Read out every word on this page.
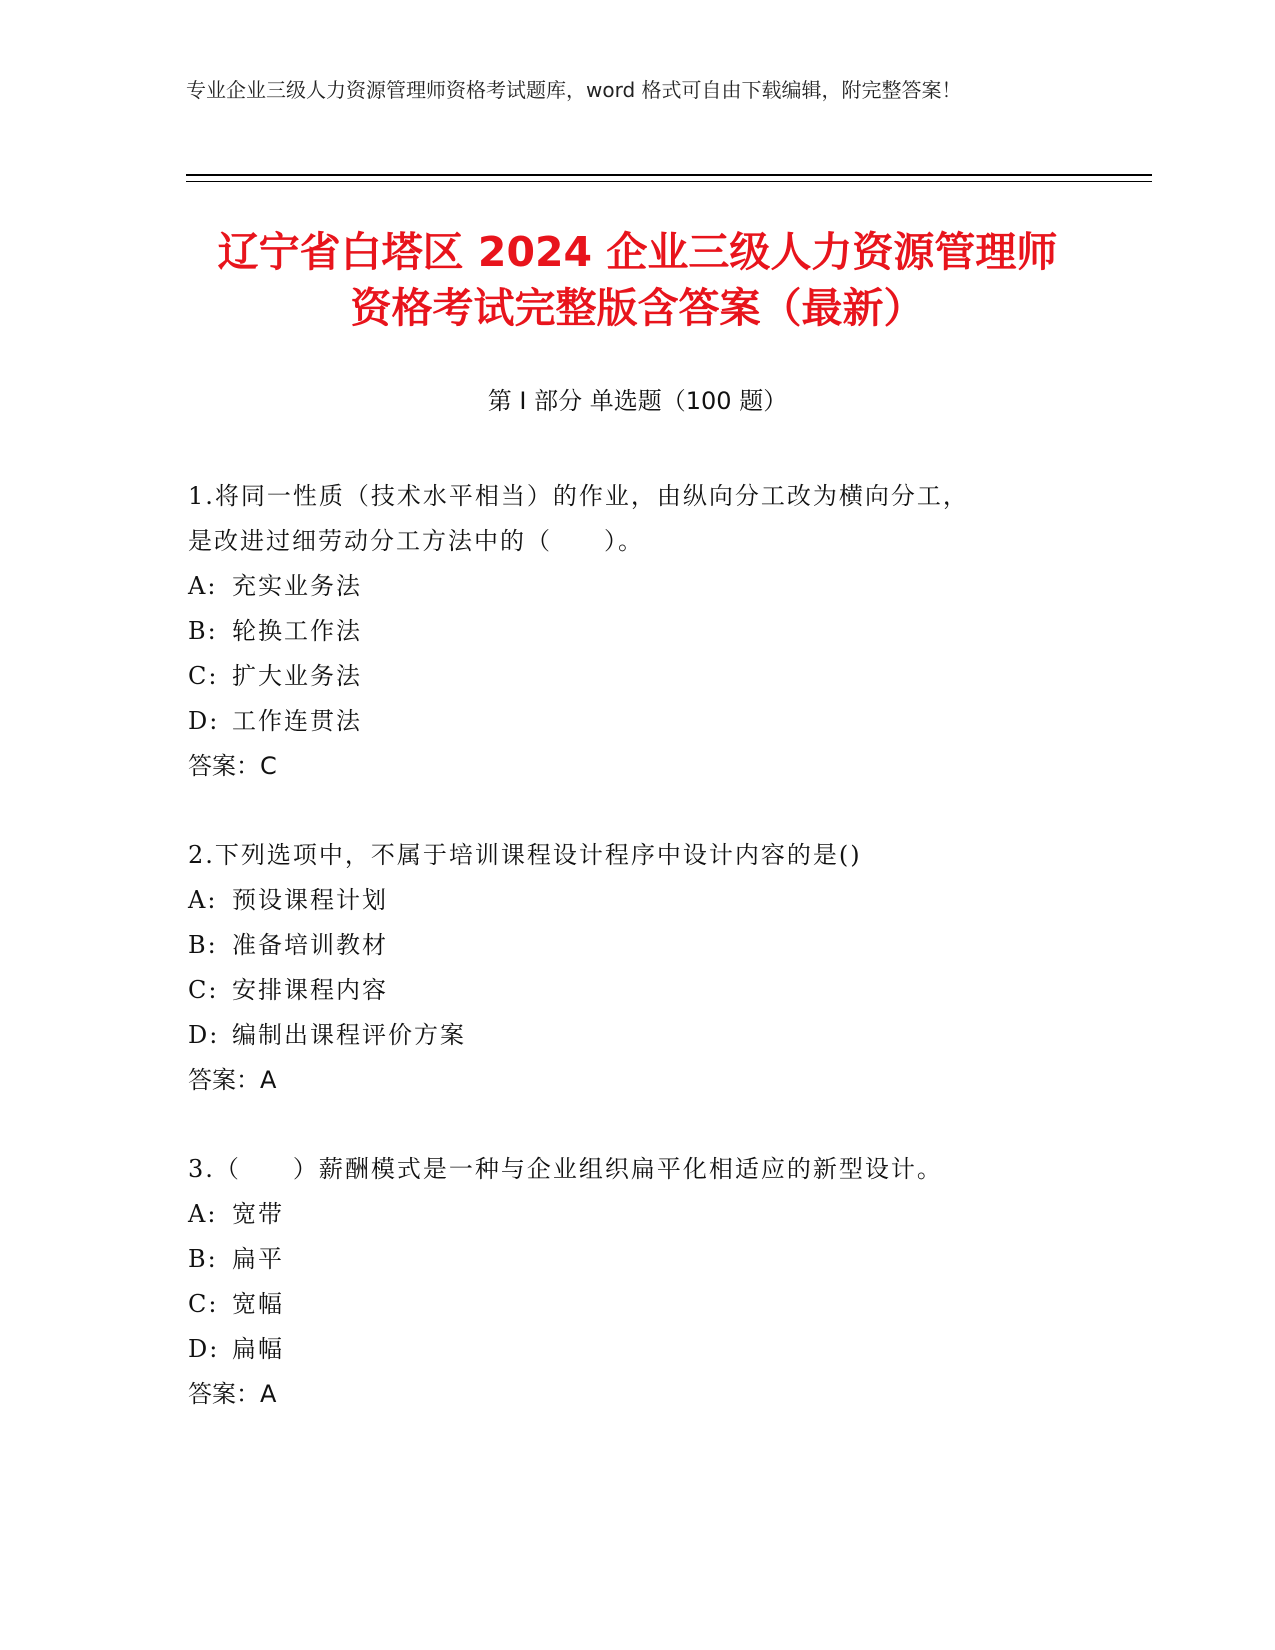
专业企业三级人力资源管理师资格考试题库，word 格式可自由下载编辑，附完整答案！
辽宁省白塔区 2024 企业三级人力资源管理师
资格考试完整版含答案（最新）
第 I 部分 单选题（100 题）

1.将同一性质（技术水平相当）的作业，由纵向分工改为横向分工，

是改进过细劳动分工方法中的（　　）。

A: 充实业务法

B: 轮换工作法

C: 扩大业务法

D: 工作连贯法

答案：C

2.下列选项中，不属于培训课程设计程序中设计内容的是()

A: 预设课程计划

B: 准备培训教材

C: 安排课程内容

D: 编制出课程评价方案

答案：A

3.（　　）薪酬模式是一种与企业组织扁平化相适应的新型设计。

A: 宽带

B: 扁平

C: 宽幅

D: 扁幅

答案：A
